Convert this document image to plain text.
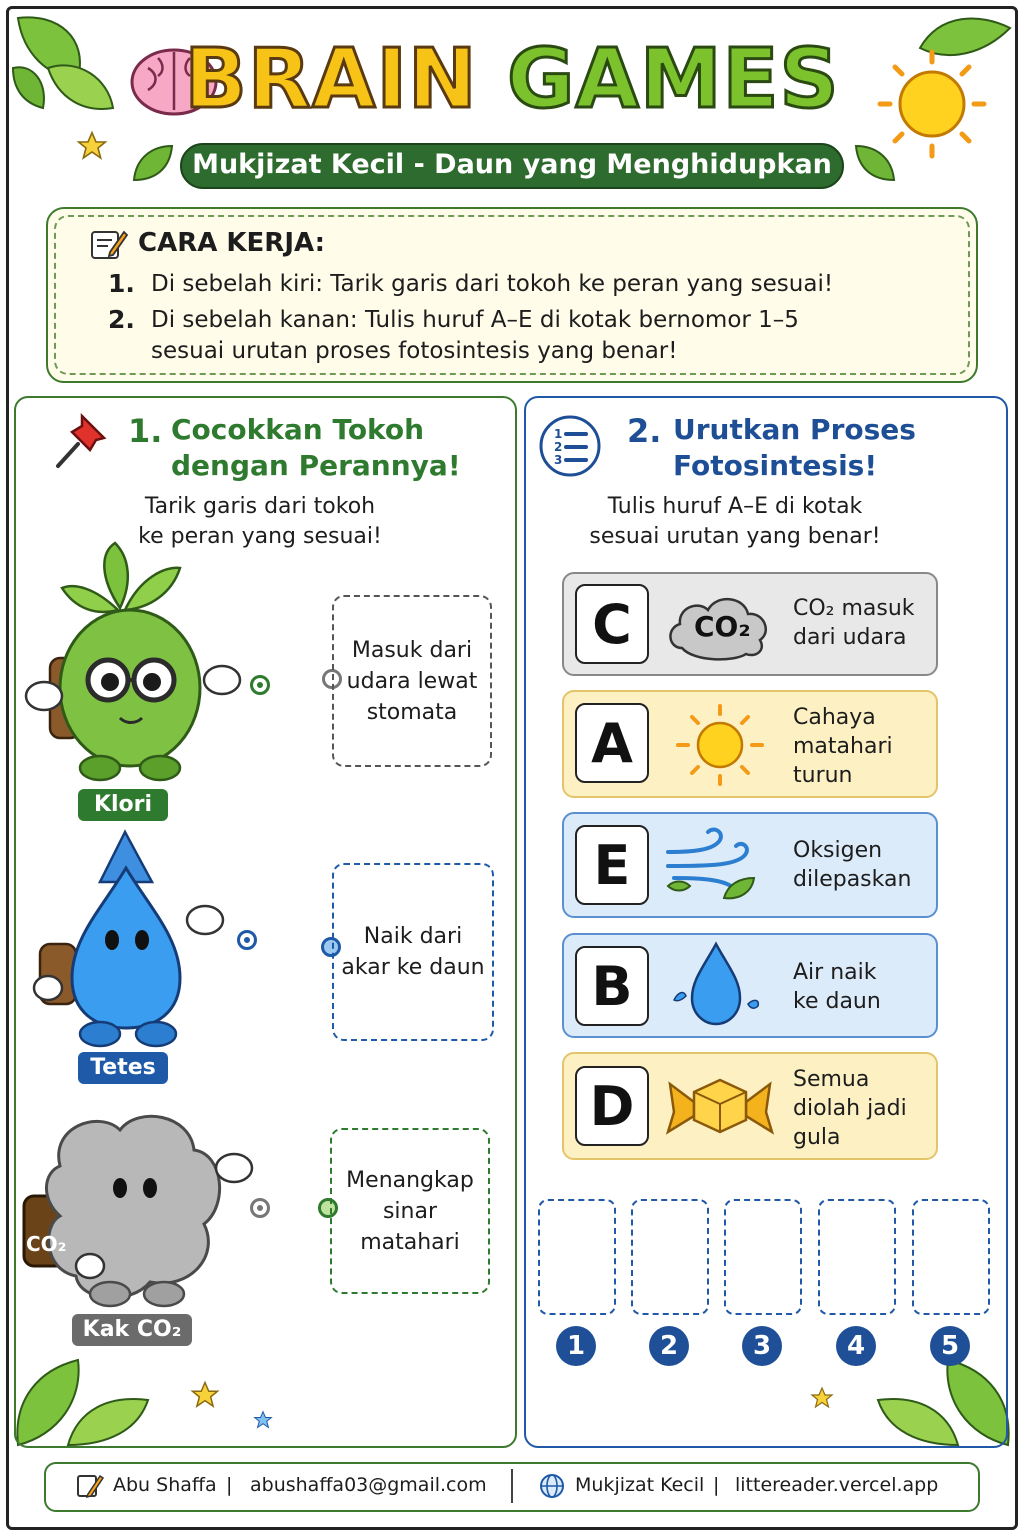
BRAIN GAMES
Mukjizat Kecil - Daun yang Menghidupkan
CARA KERJA:
1. Di sebelah kiri: Tarik garis dari tokoh ke peran yang sesuai!
2. Di sebelah kanan: Tulis huruf A–E di kotak bernomor 1–5
sesuai urutan proses fotosintesis yang benar!
1. Cocokkan Tokoh
dengan Perannya!
Tarik garis dari tokoh
ke peran yang sesuai!
Klori
Tetes
CO₂
Kak CO₂
Masuk dari
udara lewat
stomata
Naik dari
akar ke daun
Menangkap
sinar
matahari
1
2
3
2. Urutkan Proses
Fotosintesis!
Tulis huruf A–E di kotak
sesuai urutan yang benar!
C	CO₂
CO₂ masuk
dari udara
A	Cahaya
matahari
turun
E	Oksigen
dilepaskan
B	Air naik
ke daun
D	Semua
diolah jadi
gula
1	2	3	4	5
Abu Shaffa | abushaffa03@gmail.com	Mukjizat Kecil | littereader.vercel.app
